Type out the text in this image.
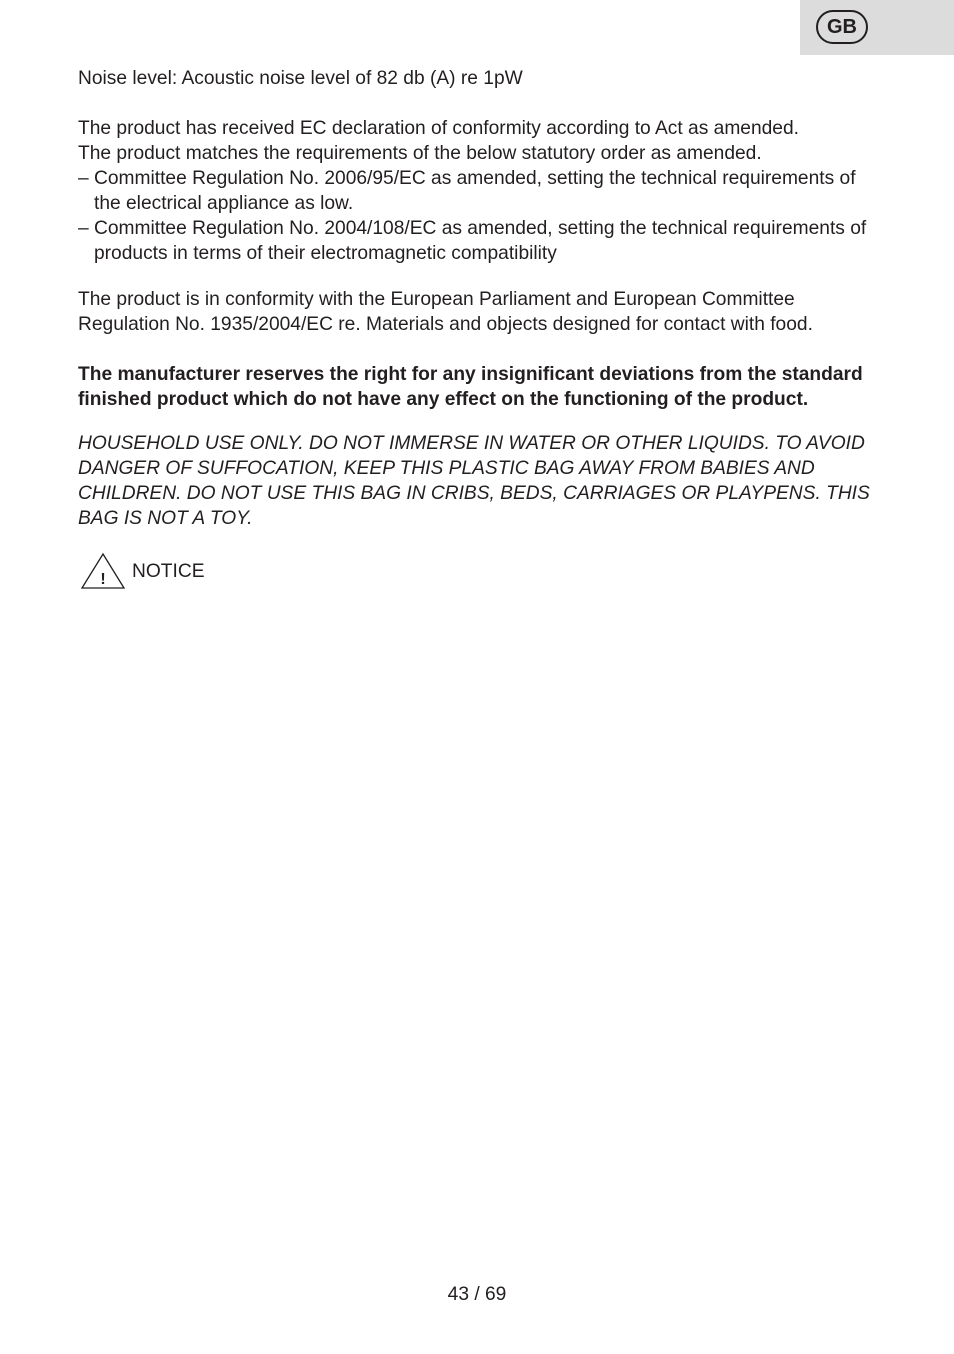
GB

Noise level: Acoustic noise level of 82 db (A) re 1pW

The product has received EC declaration of conformity according to Act as amended.

The product matches the requirements of the below statutory order as amended.

– Committee Regulation No. 2006/95/EC as amended, setting the technical requirements of the electrical appliance as low.
– Committee Regulation No. 2004/108/EC as amended, setting the technical requirements of products in terms of their electromagnetic compatibility

The product is in conformity with the European Parliament and European Committee Regulation No. 1935/2004/EC re. Materials and objects designed for contact with food.

The manufacturer reserves the right for any insignificant deviations from the standard finished product which do not have any effect on the functioning of the product.

HOUSEHOLD USE ONLY. DO NOT IMMERSE IN WATER OR OTHER LIQUIDS. TO AVOID DANGER OF SUFFOCATION, KEEP THIS PLASTIC BAG AWAY FROM BABIES AND CHILDREN. DO NOT USE THIS BAG IN CRIBS, BEDS, CARRIAGES OR PLAYPENS. THIS BAG IS NOT A TOY.

! NOTICE
43 / 69
